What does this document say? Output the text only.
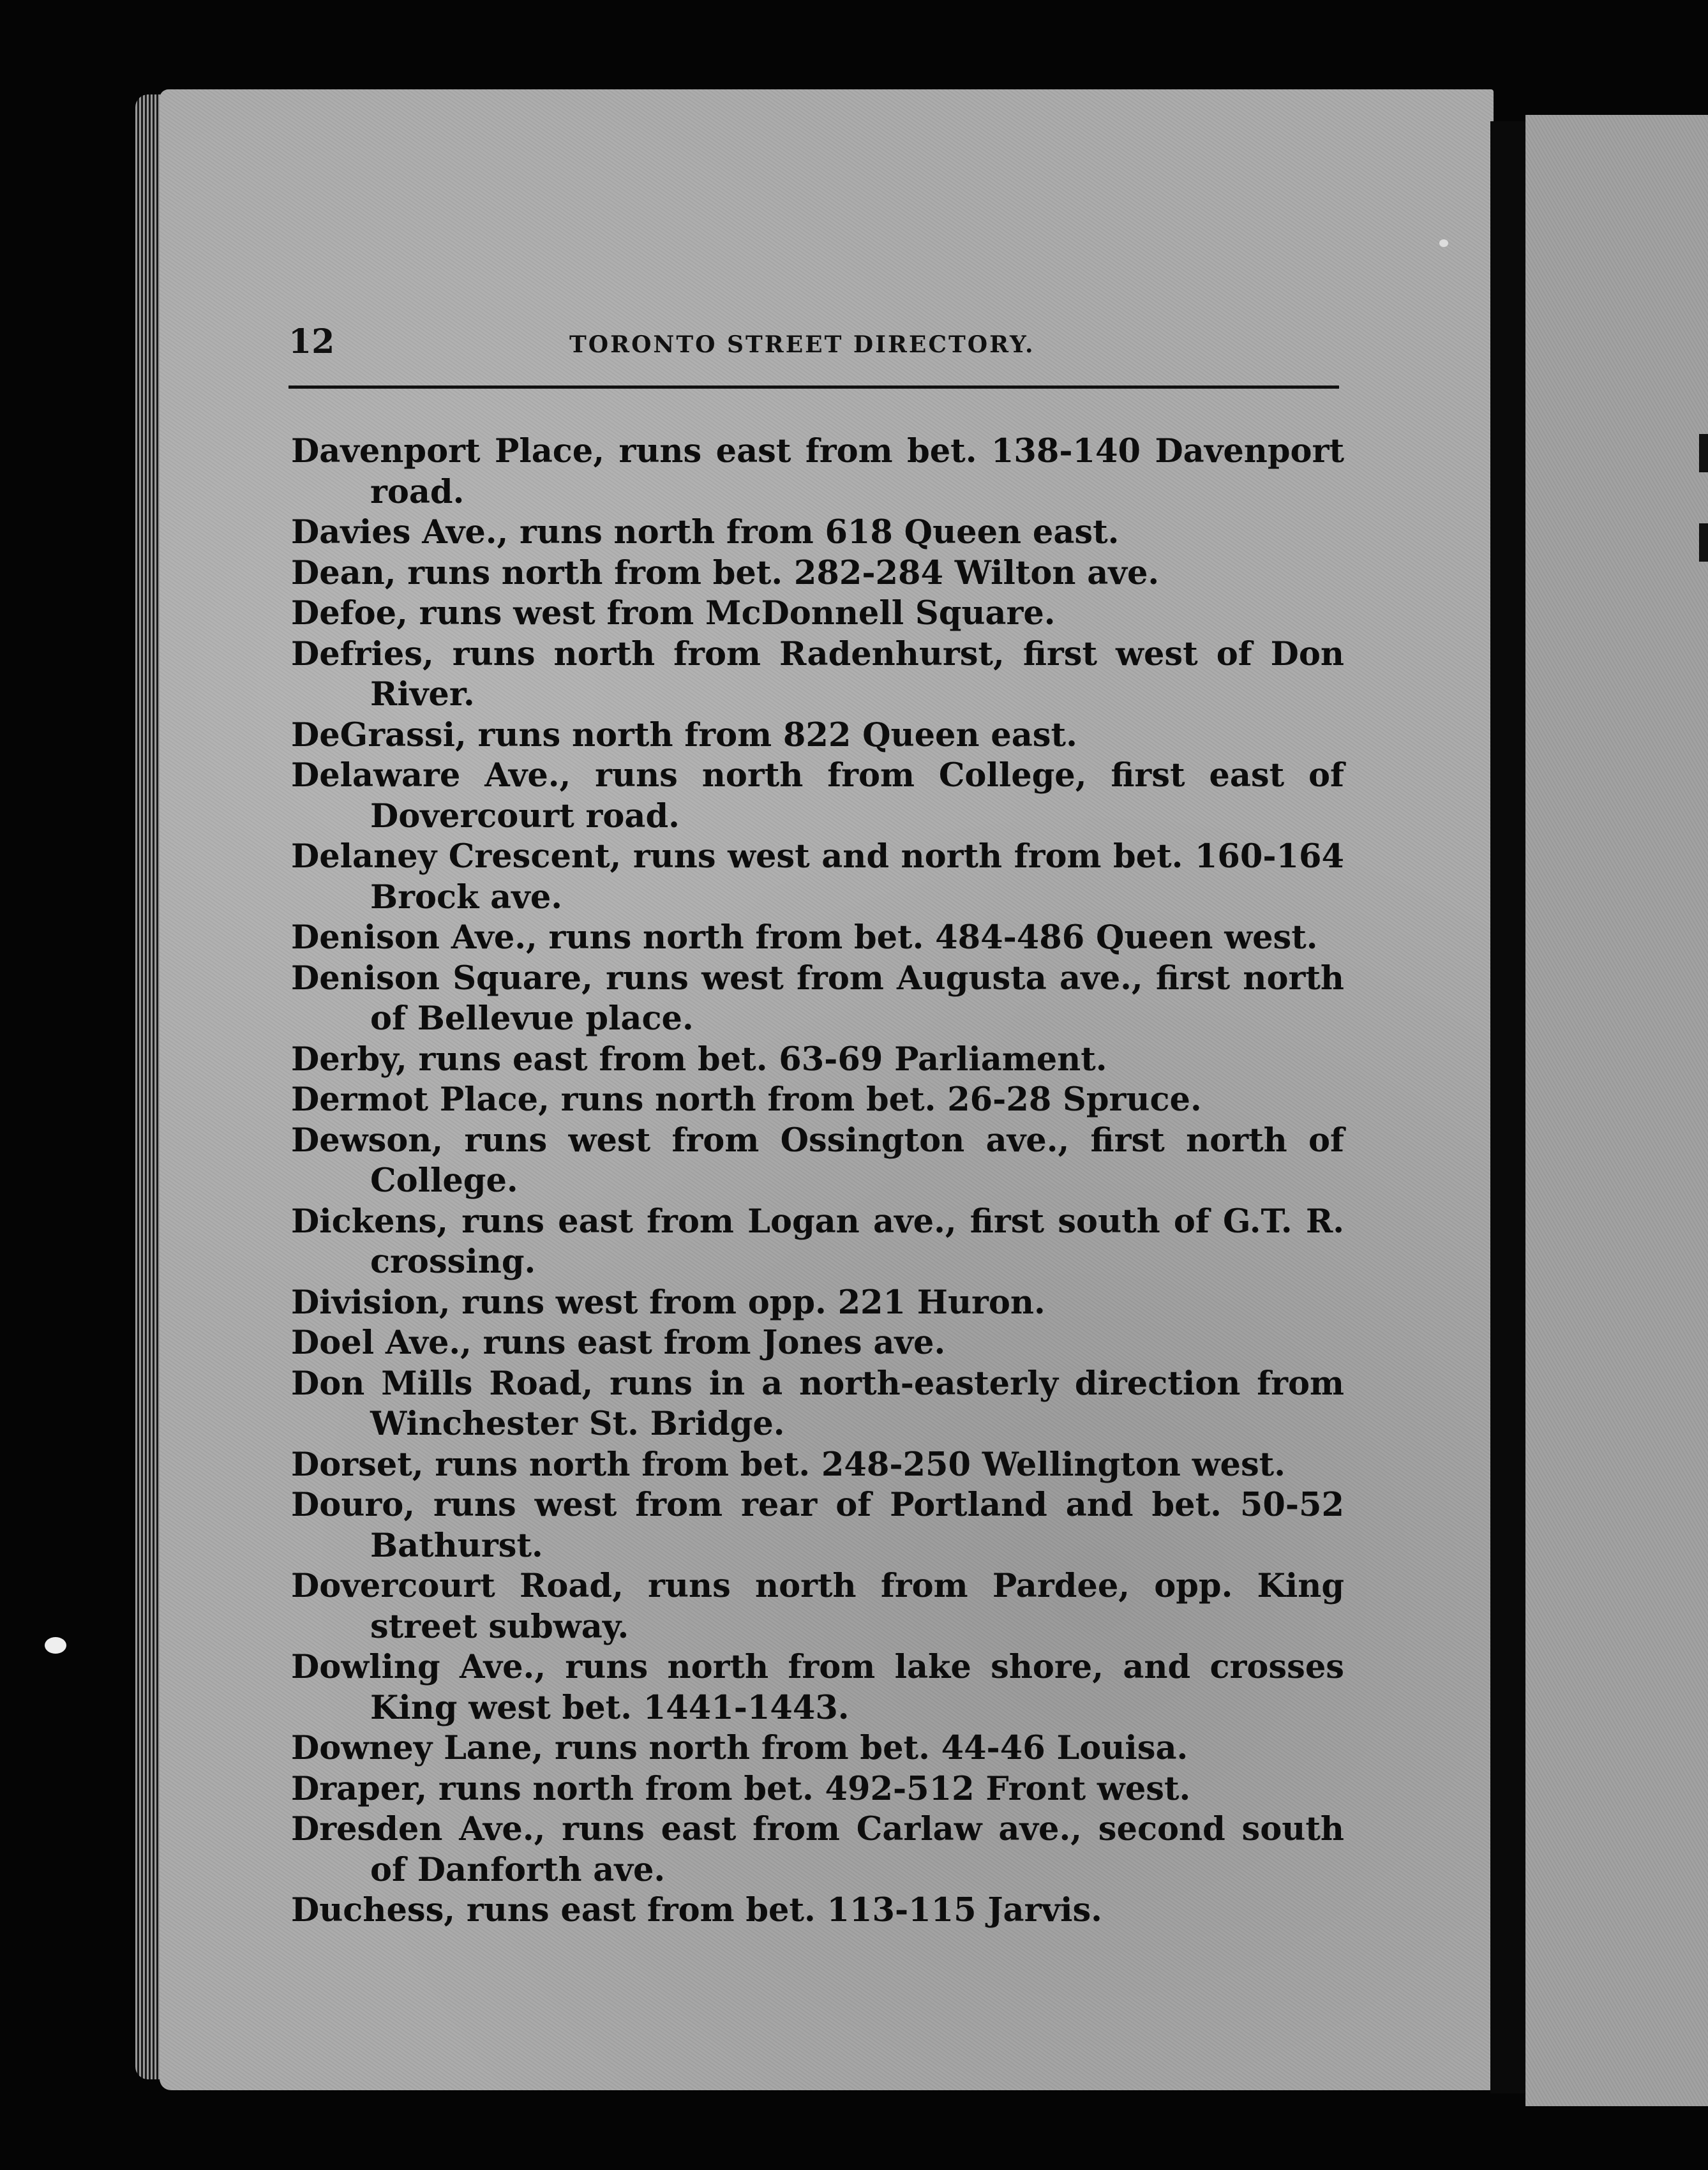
12	TORONTO STREET DIRECTORY.
Davenport Place, runs east from bet. 138-140 Davenport road.
Davies Ave., runs north from 618 Queen east.
Dean, runs north from bet. 282-284 Wilton ave.
Defoe, runs west from McDonnell Square.
Defries, runs north from Radenhurst, first west of Don River.
DeGrassi, runs north from 822 Queen east.
Delaware Ave., runs north from College, first east of Dovercourt road.
Delaney Crescent, runs west and north from bet. 160-164 Brock ave.
Denison Ave., runs north from bet. 484-486 Queen west.
Denison Square, runs west from Augusta ave., first north of Bellevue place.
Derby, runs east from bet. 63-69 Parliament.
Dermot Place, runs north from bet. 26-28 Spruce.
Dewson, runs west from Ossington ave., first north of College.
Dickens, runs east from Logan ave., first south of G.T. R. crossing.
Division, runs west from opp. 221 Huron.
Doel Ave., runs east from Jones ave.
Don Mills Road, runs in a north-easterly direction from Winchester St. Bridge.
Dorset, runs north from bet. 248-250 Wellington west.
Douro, runs west from rear of Portland and bet. 50-52 Bathurst.
Dovercourt Road, runs north from Pardee, opp. King street subway.
Dowling Ave., runs north from lake shore, and crosses King west bet. 1441-1443.
Downey Lane, runs north from bet. 44-46 Louisa.
Draper, runs north from bet. 492-512 Front west.
Dresden Ave., runs east from Carlaw ave., second south of Danforth ave.
Duchess, runs east from bet. 113-115 Jarvis.
